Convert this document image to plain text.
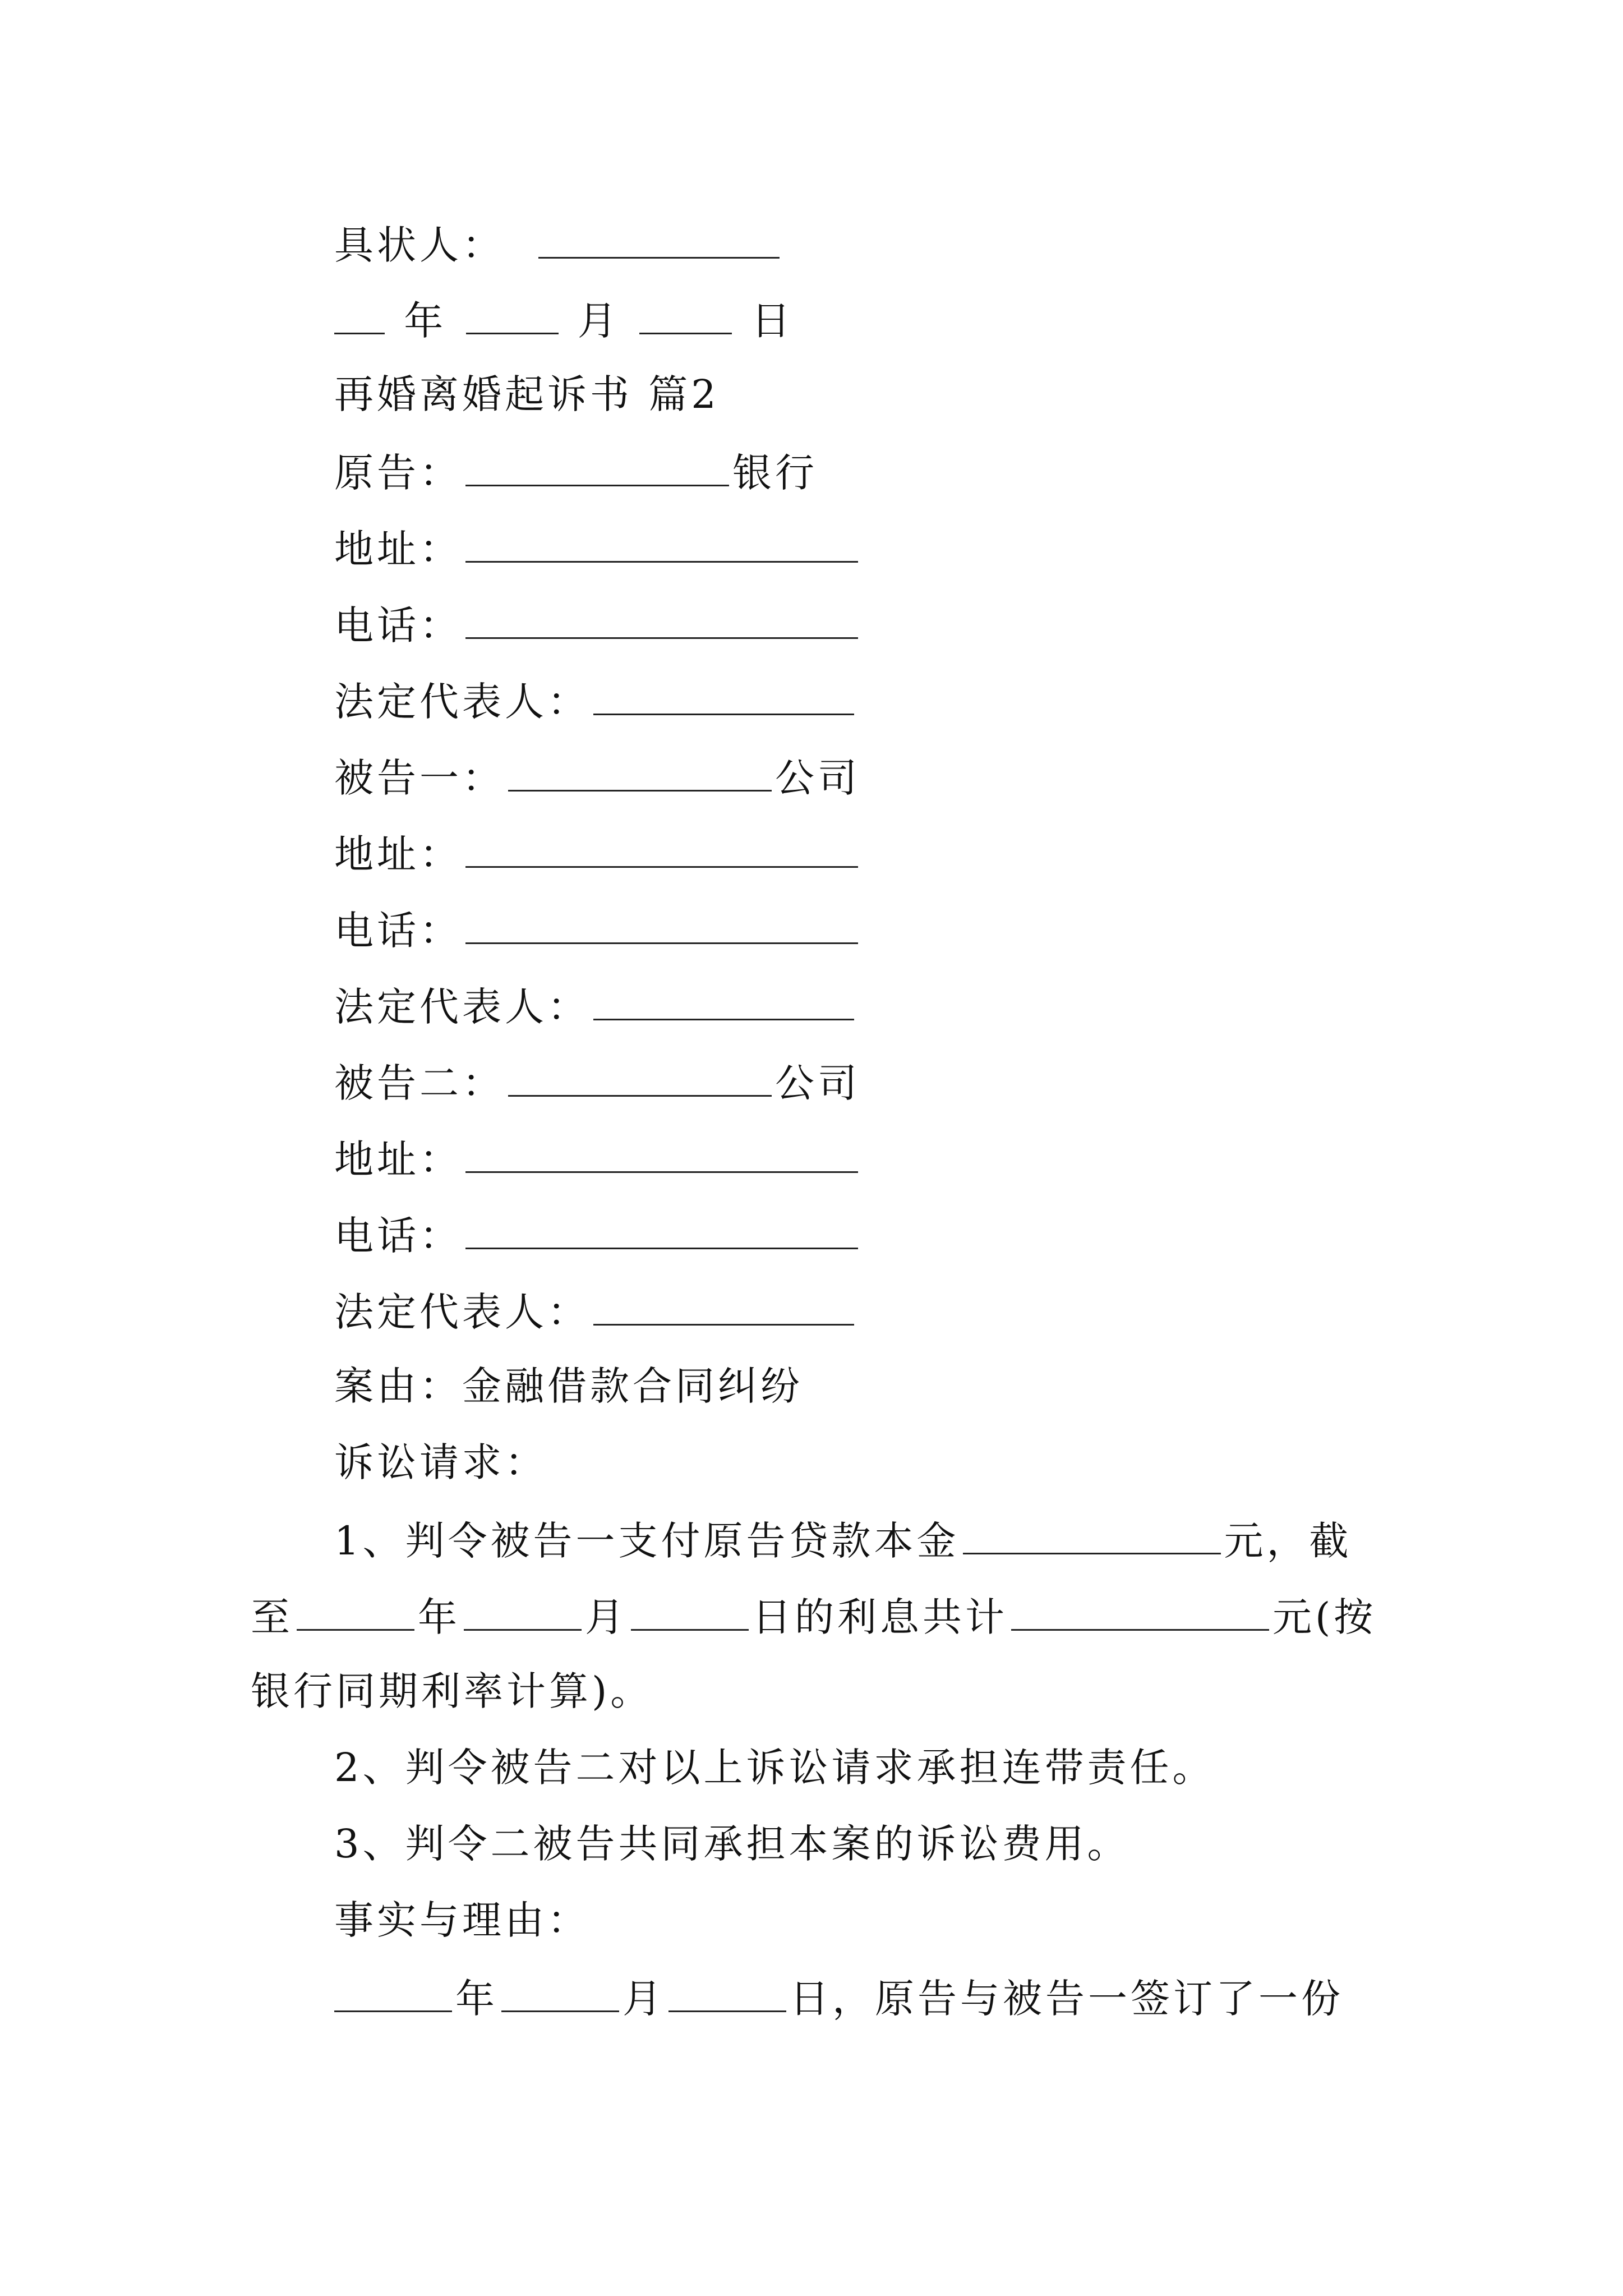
具状人：
年	月	日
再婚离婚起诉书 篇2
原告：	银行
地址：
电话：
法定代表人：
被告一：	公司
地址：
电话：
法定代表人：
被告二：	公司
地址：
电话：
法定代表人：
案由：金融借款合同纠纷
诉讼请求：
1、判令被告一支付原告贷款本金	元，截
至	年	月	日的利息共计	元(按
银行同期利率计算)。
2、判令被告二对以上诉讼请求承担连带责任。
3、判令二被告共同承担本案的诉讼费用。
事实与理由：
年	月	日，原告与被告一签订了一份
